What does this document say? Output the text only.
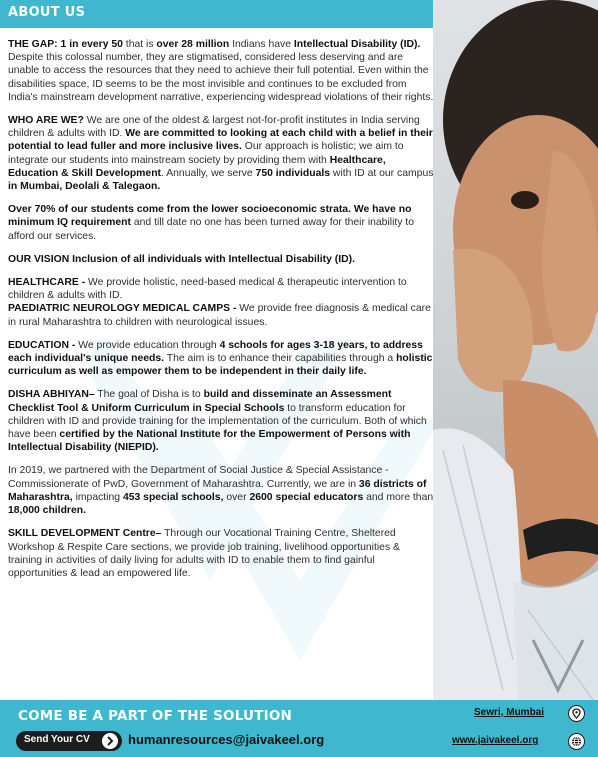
ABOUT US

THE GAP: 1 in every 50 that is over 28 million Indians have Intellectual Disability (ID). Despite this colossal number, they are stigmatised, considered less deserving and are unable to access the resources that they need to achieve their full potential. Even within the disabilities space, ID seems to be the most invisible and continues to be excluded from India's mainstream development narrative, experiencing widespread violations of their rights.

WHO ARE WE? We are one of the oldest & largest not-for-profit institutes in India serving children & adults with ID. We are committed to looking at each child with a belief in their potential to lead fuller and more inclusive lives. Our approach is holistic; we aim to integrate our students into mainstream society by providing them with Healthcare, Education & Skill Development. Annually, we serve 750 individuals with ID at our campus in Mumbai, Deolali & Talegaon.

Over 70% of our students come from the lower socioeconomic strata. We have no minimum IQ requirement and till date no one has been turned away for their inability to afford our services.

OUR VISION Inclusion of all individuals with Intellectual Disability (ID).

HEALTHCARE - We provide holistic, need-based medical & therapeutic intervention to children & adults with ID.

PAEDIATRIC NEUROLOGY MEDICAL CAMPS - We provide free diagnosis & medical care in rural Maharashtra to children with neurological issues.

EDUCATION - We provide education through 4 schools for ages 3-18 years, to address each individual's unique needs. The aim is to enhance their capabilities through a holistic curriculum as well as empower them to be independent in their daily life.

DISHA ABHIYAN– The goal of Disha is to build and disseminate an Assessment Checklist Tool & Uniform Curriculum in Special Schools to transform education for children with ID and provide training for the implementation of the curriculum. Both of which have been certified by the National Institute for the Empowerment of Persons with Intellectual Disability (NIEPID).

In 2019, we partnered with the Department of Social Justice & Special Assistance - Commissionerate of PwD, Government of Maharashtra. Currently, we are in 36 districts of Maharashtra, impacting 453 special schools, over 2600 special educators and more than 18,000 children.

SKILL DEVELOPMENT Centre– Through our Vocational Training Centre, Sheltered Workshop & Respite Care sections, we provide job training, livelihood opportunities & training in activities of daily living for adults with ID to enable them to find gainful opportunities & lead an empowered life.

COME BE A PART OF THE SOLUTION
Send Your CV	humanresources@jaivakeel.org
Sewri, Mumbai
www.jaivakeel.org
